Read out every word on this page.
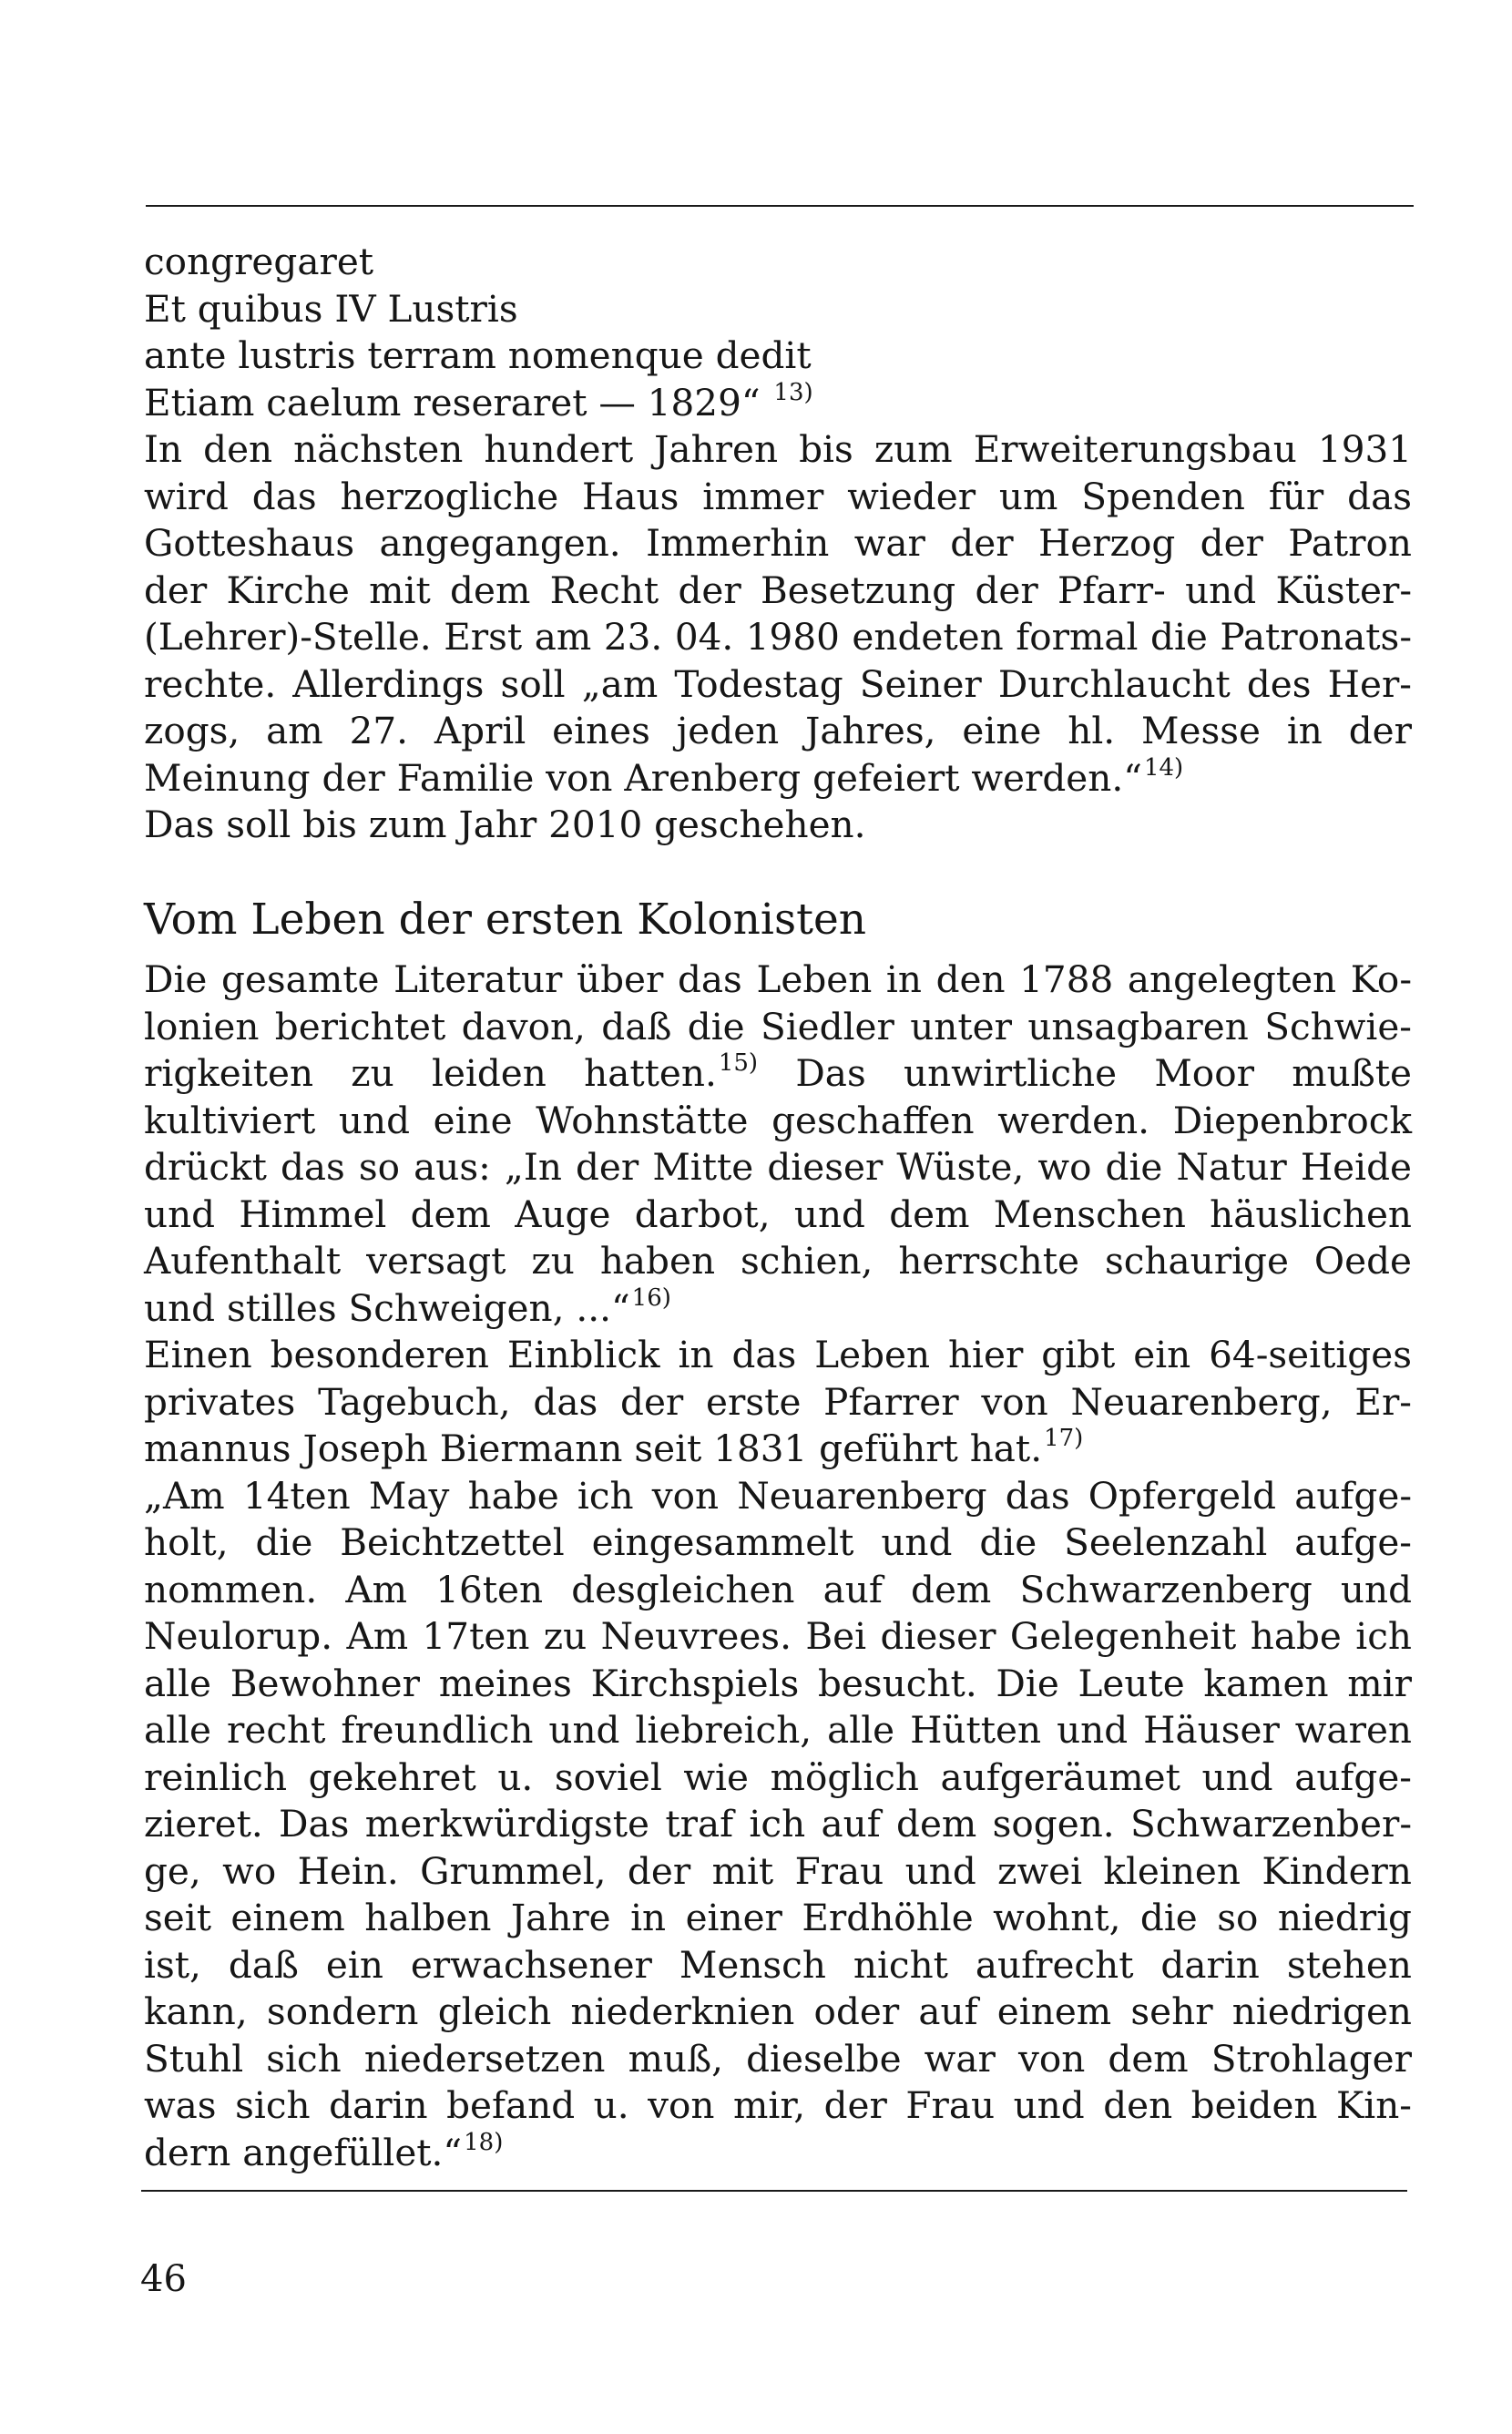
congregaret
Et quibus IV Lustris
ante lustris terram nomenque dedit
Etiam caelum reseraret — 1829“ $^{13)}$
In den nächsten hundert Jahren bis zum Erweiterungsbau 1931
wird das herzogliche Haus immer wieder um Spenden für das
Gotteshaus angegangen. Immerhin war der Herzog der Patron
der Kirche mit dem Recht der Besetzung der Pfarr- und Küster-
(Lehrer)-Stelle. Erst am 23. 04. 1980 endeten formal die Patronats-
rechte. Allerdings soll „am Todestag Seiner Durchlaucht des Her-
zogs, am 27. April eines jeden Jahres, eine hl. Messe in der
Meinung der Familie von Arenberg gefeiert werden.“$^{14)}$
Das soll bis zum Jahr 2010 geschehen.
Vom Leben der ersten Kolonisten
Die gesamte Literatur über das Leben in den 1788 angelegten Ko-
lonien berichtet davon, daß die Siedler unter unsagbaren Schwie-
rigkeiten zu leiden hatten.$^{15)}$ Das unwirtliche Moor mußte
kultiviert und eine Wohnstätte geschaffen werden. Diepenbrock
drückt das so aus: „In der Mitte dieser Wüste, wo die Natur Heide
und Himmel dem Auge darbot, und dem Menschen häuslichen
Aufenthalt versagt zu haben schien, herrschte schaurige Oede
und stilles Schweigen, ...“$^{16)}$
Einen besonderen Einblick in das Leben hier gibt ein 64-seitiges
privates Tagebuch, das der erste Pfarrer von Neuarenberg, Er-
mannus Joseph Biermann seit 1831 geführt hat.$^{17)}$
„Am 14ten May habe ich von Neuarenberg das Opfergeld aufge-
holt, die Beichtzettel eingesammelt und die Seelenzahl aufge-
nommen. Am 16ten desgleichen auf dem Schwarzenberg und
Neulorup. Am 17ten zu Neuvrees. Bei dieser Gelegenheit habe ich
alle Bewohner meines Kirchspiels besucht. Die Leute kamen mir
alle recht freundlich und liebreich, alle Hütten und Häuser waren
reinlich gekehret u. soviel wie möglich aufgeräumet und aufge-
zieret. Das merkwürdigste traf ich auf dem sogen. Schwarzenber-
ge, wo Hein. Grummel, der mit Frau und zwei kleinen Kindern
seit einem halben Jahre in einer Erdhöhle wohnt, die so niedrig
ist, daß ein erwachsener Mensch nicht aufrecht darin stehen
kann, sondern gleich niederknien oder auf einem sehr niedrigen
Stuhl sich niedersetzen muß, dieselbe war von dem Strohlager
was sich darin befand u. von mir, der Frau und den beiden Kin-
dern angefüllet.“$^{18)}$
46
